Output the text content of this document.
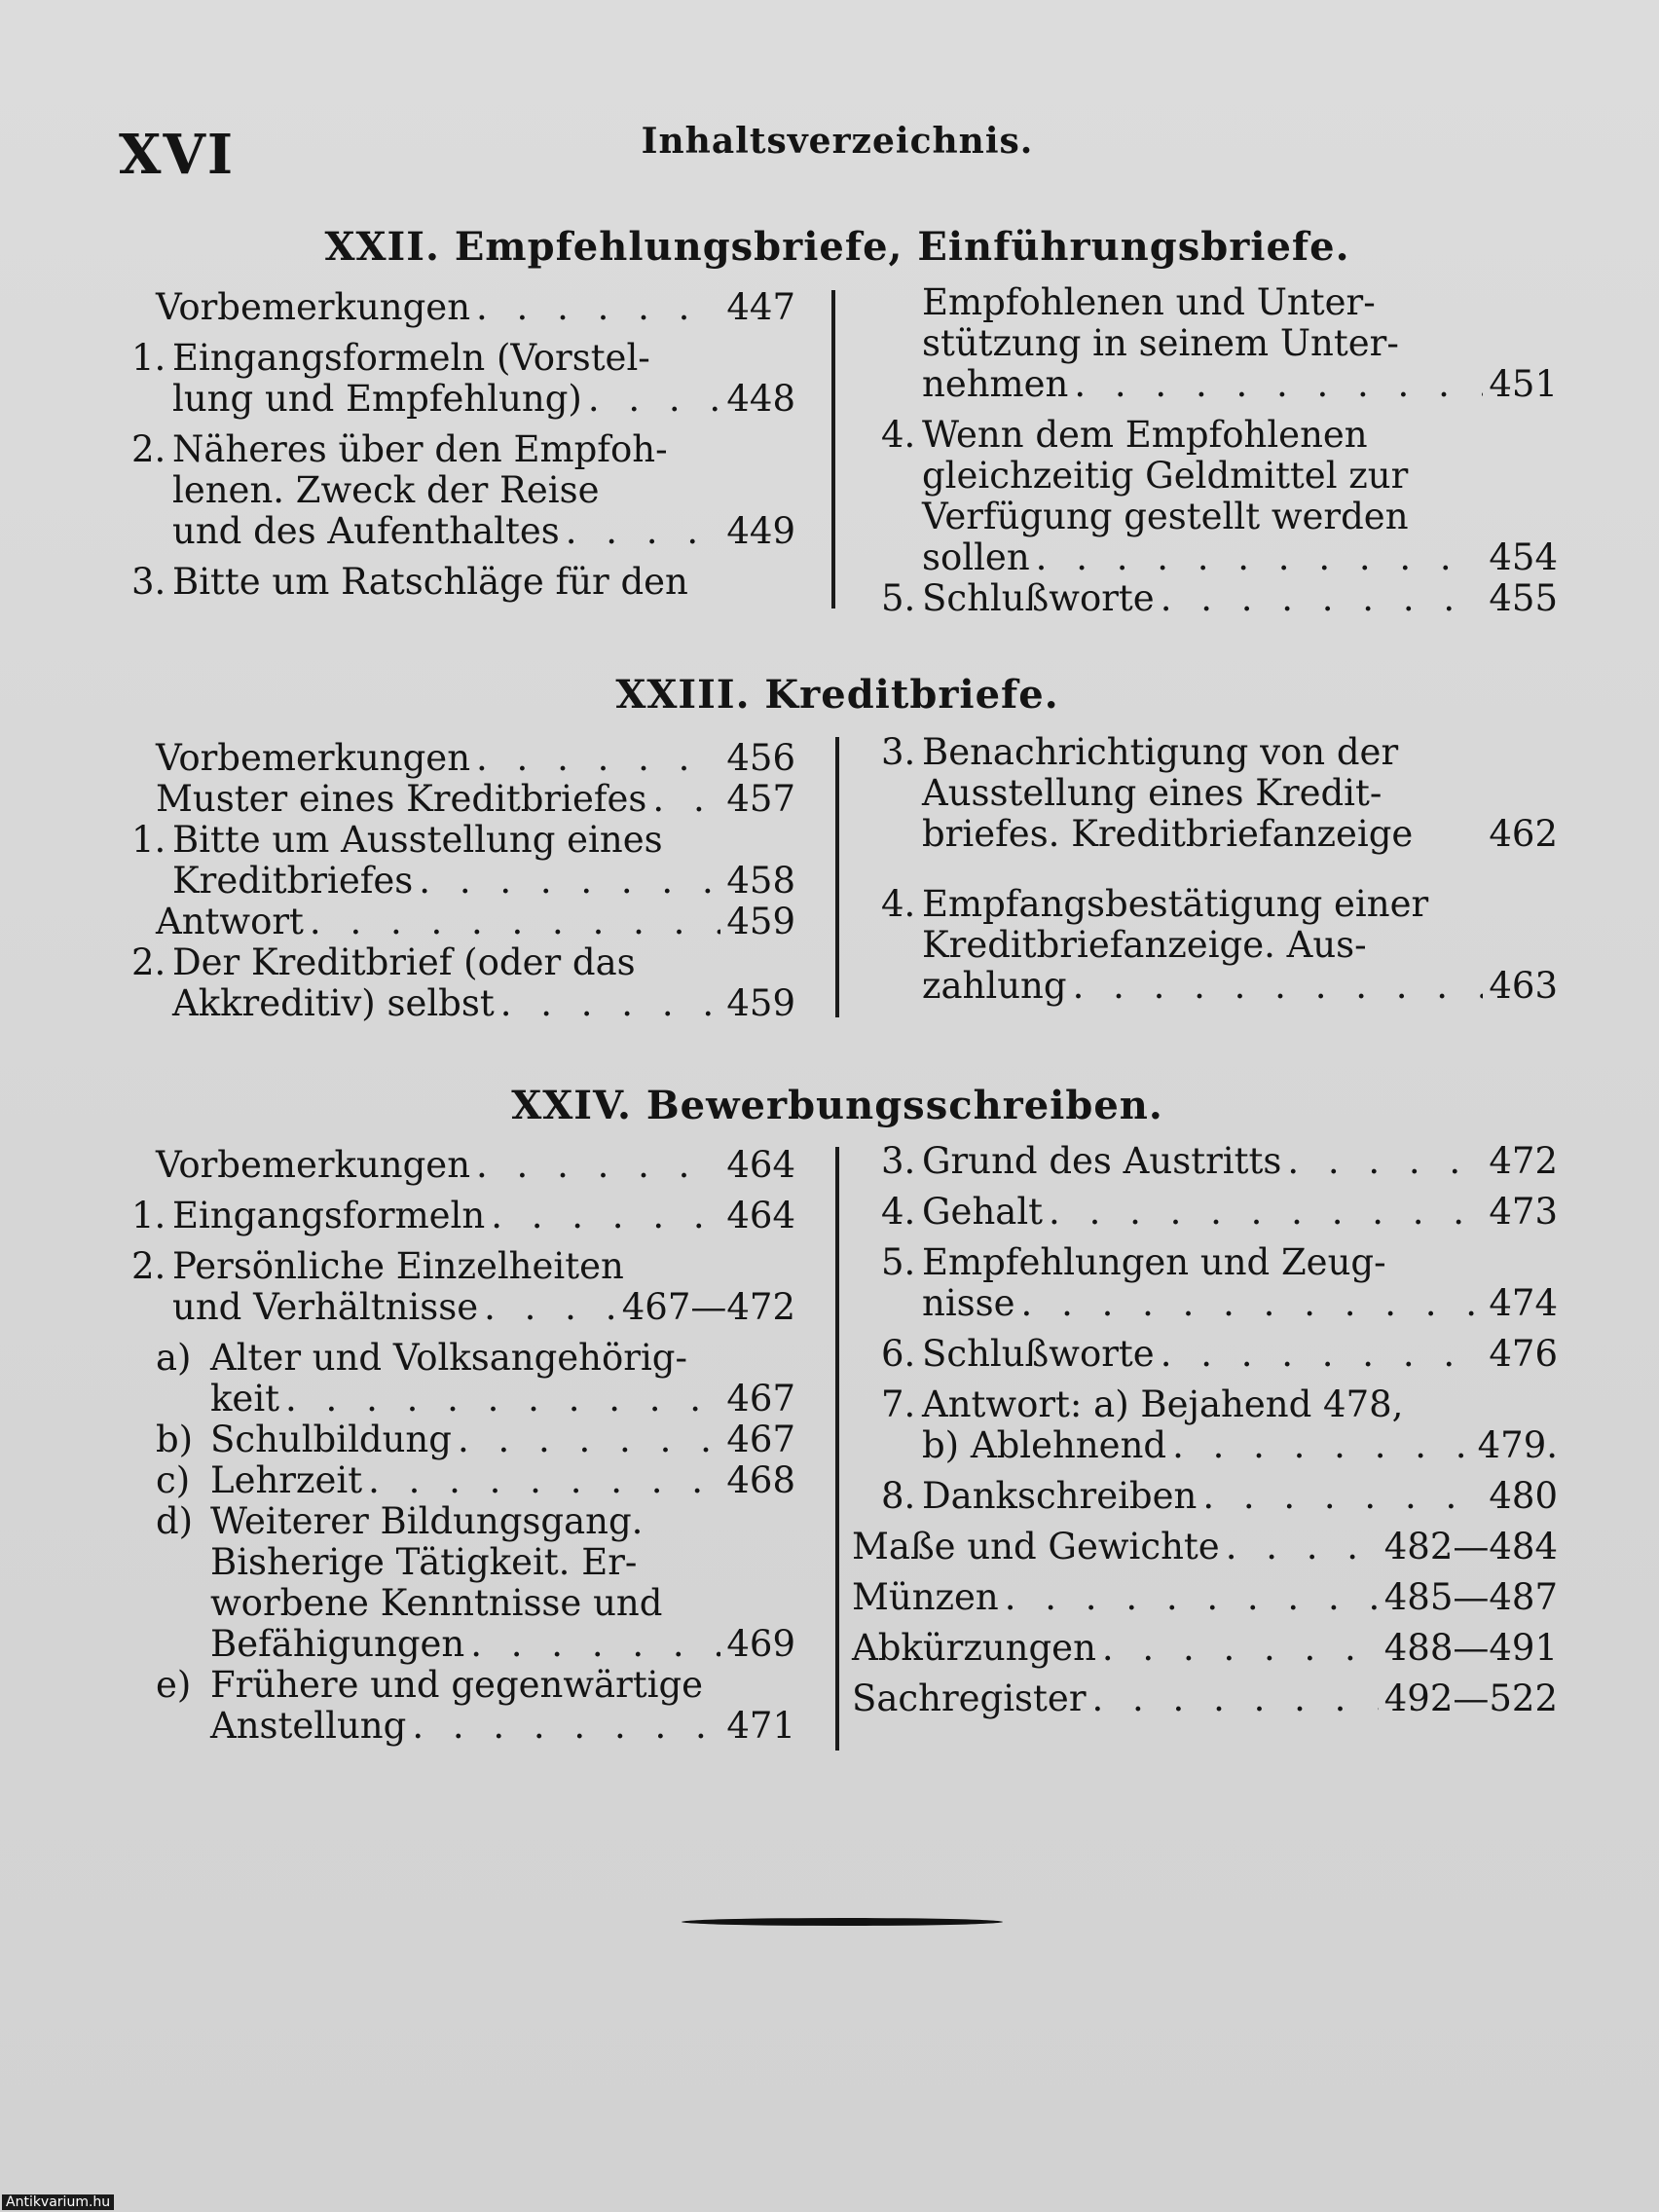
XVI	Inhaltsverzeichnis.
XXII. Empfehlungsbriefe, Einführungsbriefe.
Vorbemerkungen . . .	447
1. Eingangsformeln (Vorstel-
lung und Empfehlung) . . .	448
2. Näheres über den Empfoh-
lenen. Zweck der Reise
und des Aufenthaltes . . .	449
3. Bitte um Ratschläge für den
Empfohlenen und Unter-
stützung in seinem Unter-
nehmen . . .	451
4. Wenn dem Empfohlenen
gleichzeitig Geldmittel zur
Verfügung gestellt werden
sollen . . .	454
5. Schlußworte . . .	455
XXIII. Kreditbriefe.
Vorbemerkungen . . .	456
Muster eines Kreditbriefes . . . 457
1. Bitte um Ausstellung eines
Kreditbriefes . . .	458
Antwort . . .	459
2. Der Kreditbrief (oder das
Akkreditiv) selbst . . .	459
3. Benachrichtigung von der
Ausstellung eines Kredit-
briefes. Kreditbriefanzeige 462
4. Empfangsbestätigung einer
Kreditbriefanzeige. Aus-
zahlung . . .	463
XXIV. Bewerbungsschreiben.
Vorbemerkungen . . .	464
1. Eingangsformeln . . .	464
2. Persönliche Einzelheiten
und Verhältnisse . . .	467—472
a) Alter und Volksangehörig-
keit . . .	467
b) Schulbildung . . .	467
c) Lehrzeit . . .	468
d) Weiterer Bildungsgang.
Bisherige Tätigkeit. Er-
worbene Kenntnisse und
Befähigungen . . .	469
e) Frühere und gegenwärtige
Anstellung . . .	471
3. Grund des Austritts . . .	472
4. Gehalt . . .	473
5. Empfehlungen und Zeug-
nisse . . .	474
6. Schlußworte . . .	476
7. Antwort: a) Bejahend 478,
b) Ablehnend . . .	479.
8. Dankschreiben . . .	480
Maße und Gewichte . . .	482—484
Münzen . . .	485—487
Abkürzungen . . .	488—491
Sachregister . . .	492—522
Antikvarium.hu
